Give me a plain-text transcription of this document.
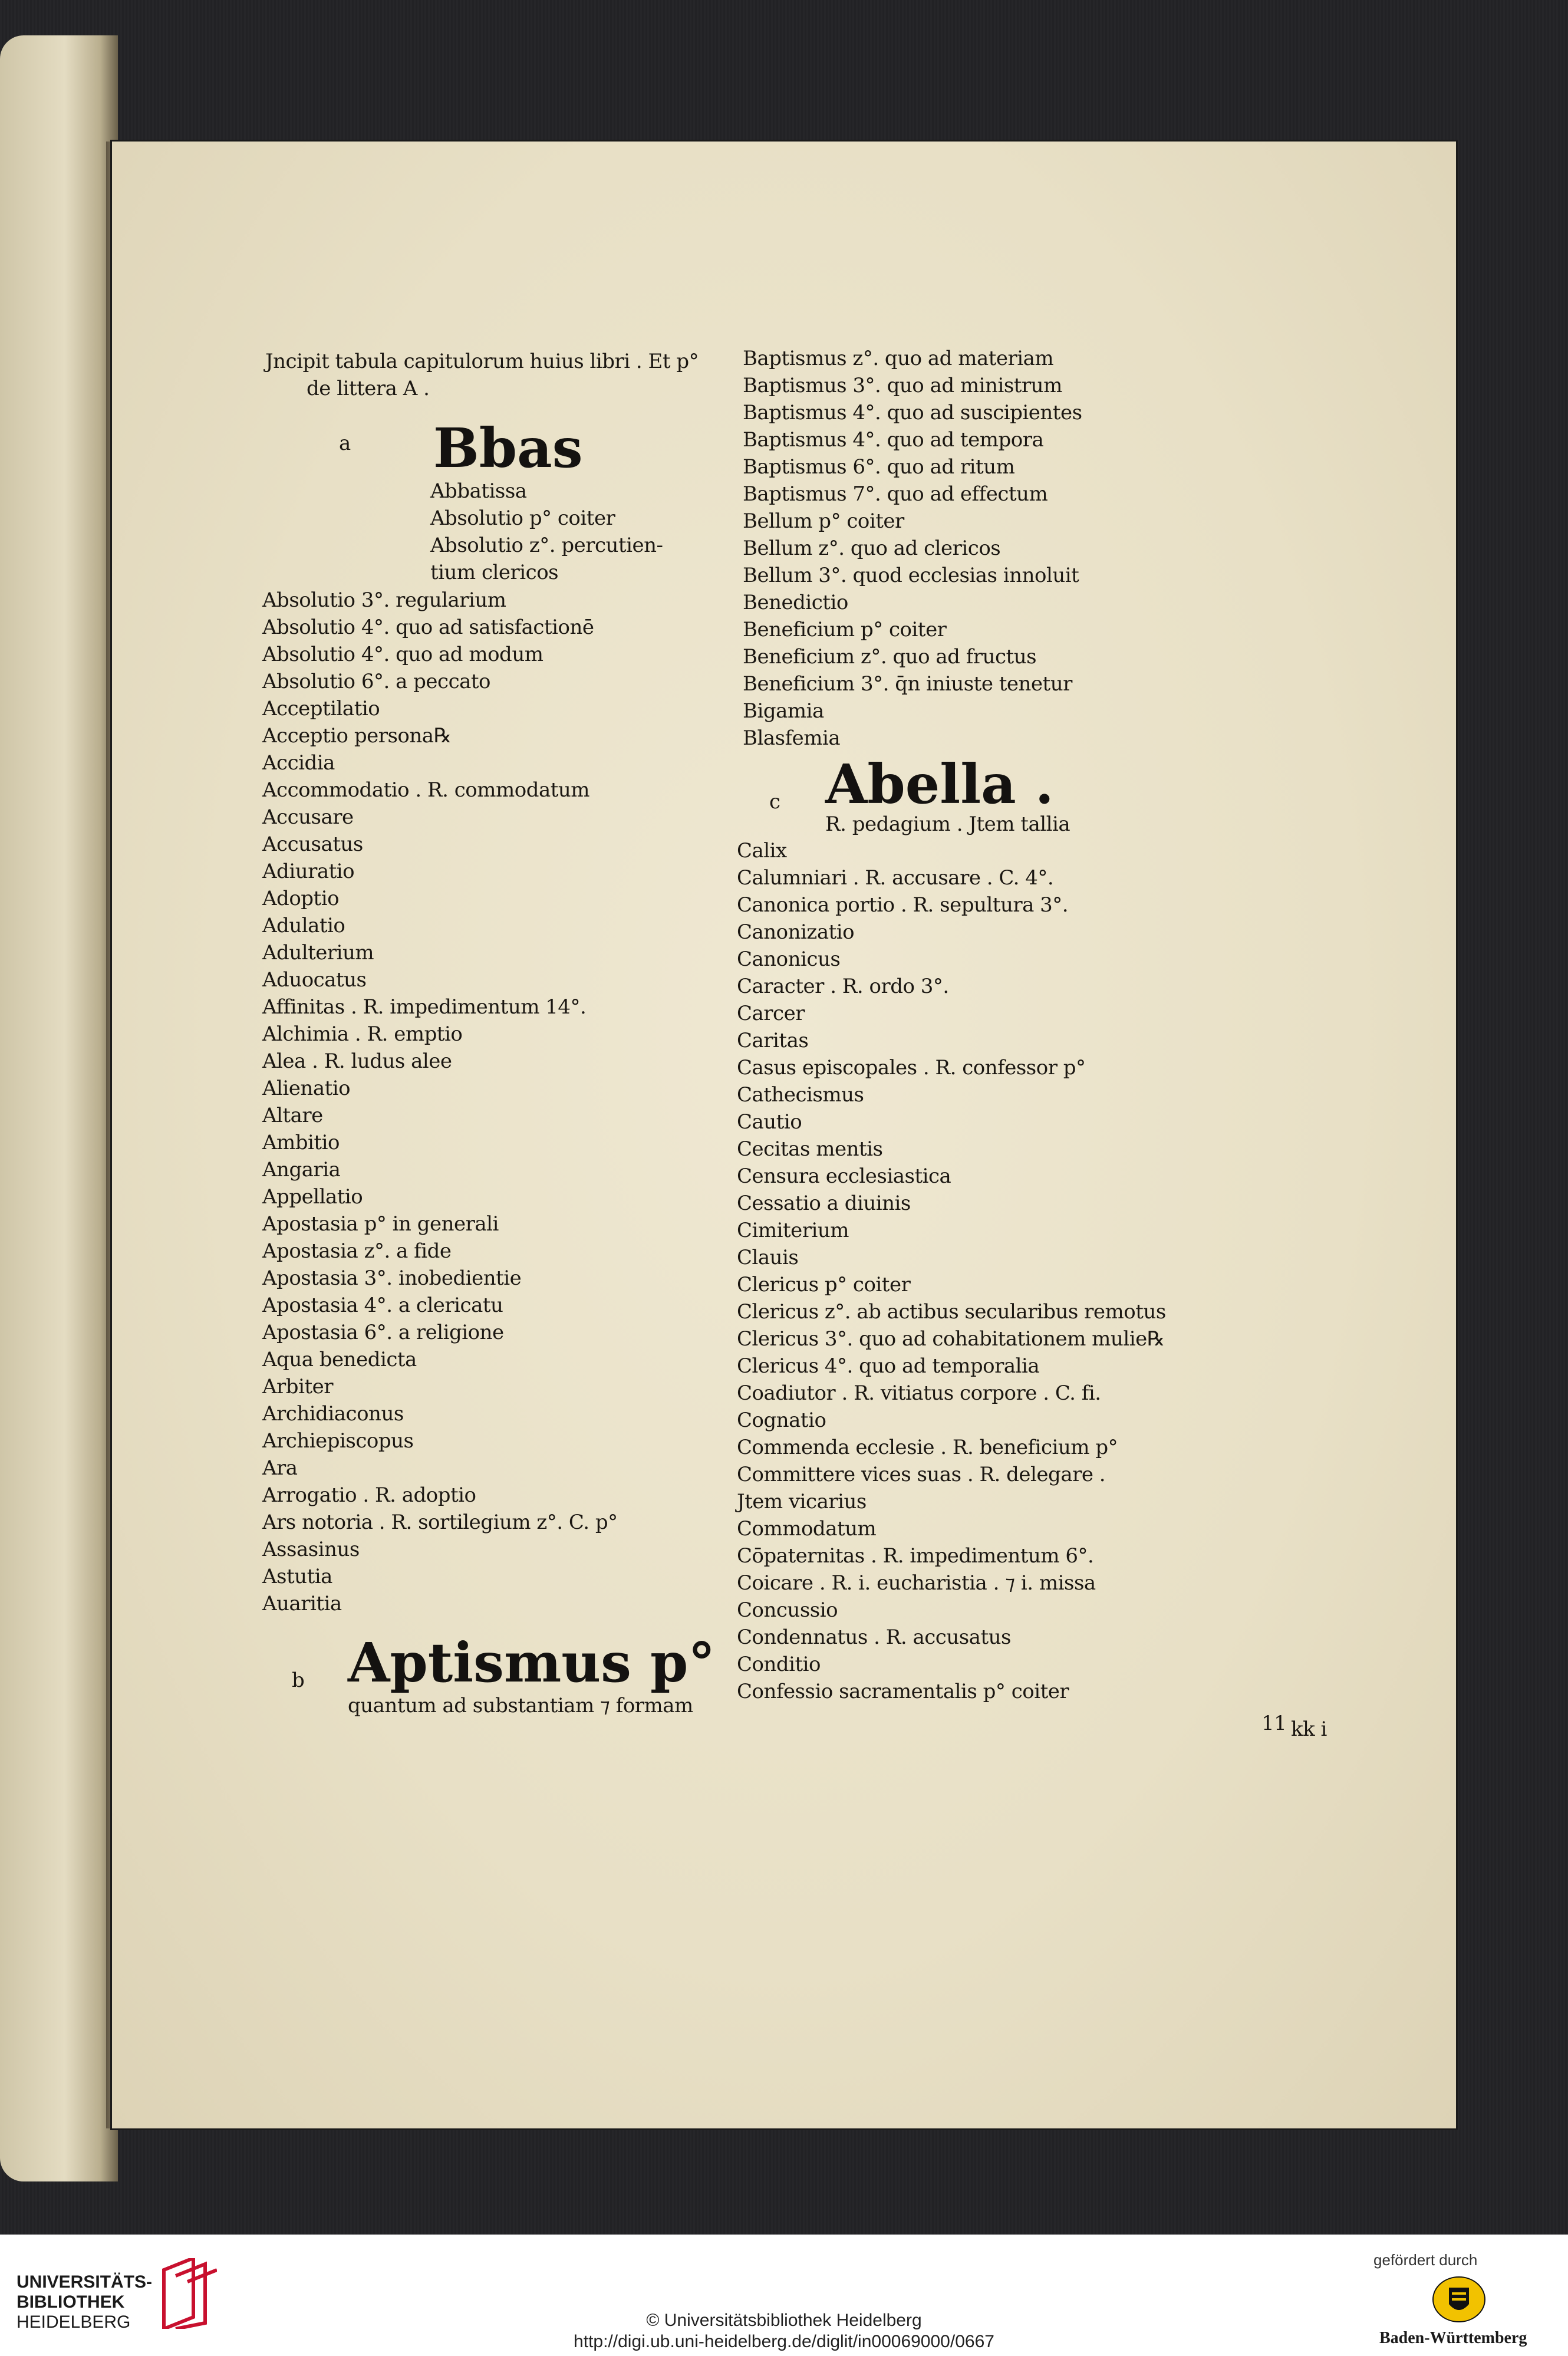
Jncipit tabula capitulorum huius libri . Et p°
de littera A .
a Bbas
Abbatissa
Absolutio p° coiter
Absolutio z°. percutien-
tium clericos
Absolutio 3°. regularium
Absolutio 4°. quo ad satisfactionē
Absolutio 4°. quo ad modum
Absolutio 6°. a peccato
Acceptilatio
Acceptio persona℞
Accidia
Accommodatio . R. commodatum
Accusare
Accusatus
Adiuratio
Adoptio
Adulatio
Adulterium
Aduocatus
Affinitas . R. impedimentum 14°.
Alchimia . R. emptio
Alea . R. ludus alee
Alienatio
Altare
Ambitio
Angaria
Appellatio
Apostasia p° in generali
Apostasia z°. a fide
Apostasia 3°. inobedientie
Apostasia 4°. a clericatu
Apostasia 6°. a religione
Aqua benedicta
Arbiter
Archidiaconus
Archiepiscopus
Ara
Arrogatio . R. adoptio
Ars notoria . R. sortilegium z°. C. p°
Assasinus
Astutia
Auaritia
b Aptismus p°
quantum ad substantiam ⁊ formam
Baptismus z°. quo ad materiam
Baptismus 3°. quo ad ministrum
Baptismus 4°. quo ad suscipientes
Baptismus 4°. quo ad tempora
Baptismus 6°. quo ad ritum
Baptismus 7°. quo ad effectum
Bellum p° coiter
Bellum z°. quo ad clericos
Bellum 3°. quod ecclesias innoluit
Benedictio
Beneficium p° coiter
Beneficium z°. quo ad fructus
Beneficium 3°. q̄n iniuste tenetur
Bigamia
Blasfemia
c Abella .
R. pedagium . Jtem tallia
Calix
Calumniari . R. accusare . C. 4°.
Canonica portio . R. sepultura 3°.
Canonizatio
Canonicus
Caracter . R. ordo 3°.
Carcer
Caritas
Casus episcopales . R. confessor p°
Cathecismus
Cautio
Cecitas mentis
Censura ecclesiastica
Cessatio a diuinis
Cimiterium
Clauis
Clericus p° coiter
Clericus z°. ab actibus secularibus remotus
Clericus 3°. quo ad cohabitationem mulie℞
Clericus 4°. quo ad temporalia
Coadiutor . R. vitiatus corpore . C. fi.
Cognatio
Commenda ecclesie . R. beneficium p°
Committere vices suas . R. delegare .
Jtem vicarius
Commodatum
Cōpaternitas . R. impedimentum 6°.
Coicare . R. i. eucharistia . ⁊ i. missa
Concussio
Condennatus . R. accusatus
Conditio
Confessio sacramentalis p° coiter
11 kk i
UNIVERSITÄTS-
BIBLIOTHEK
HEIDELBERG	© Universitätsbibliothek Heidelberg
http://digi.ub.uni-heidelberg.de/diglit/in00069000/0667
gefördert durch
Baden-Württemberg
